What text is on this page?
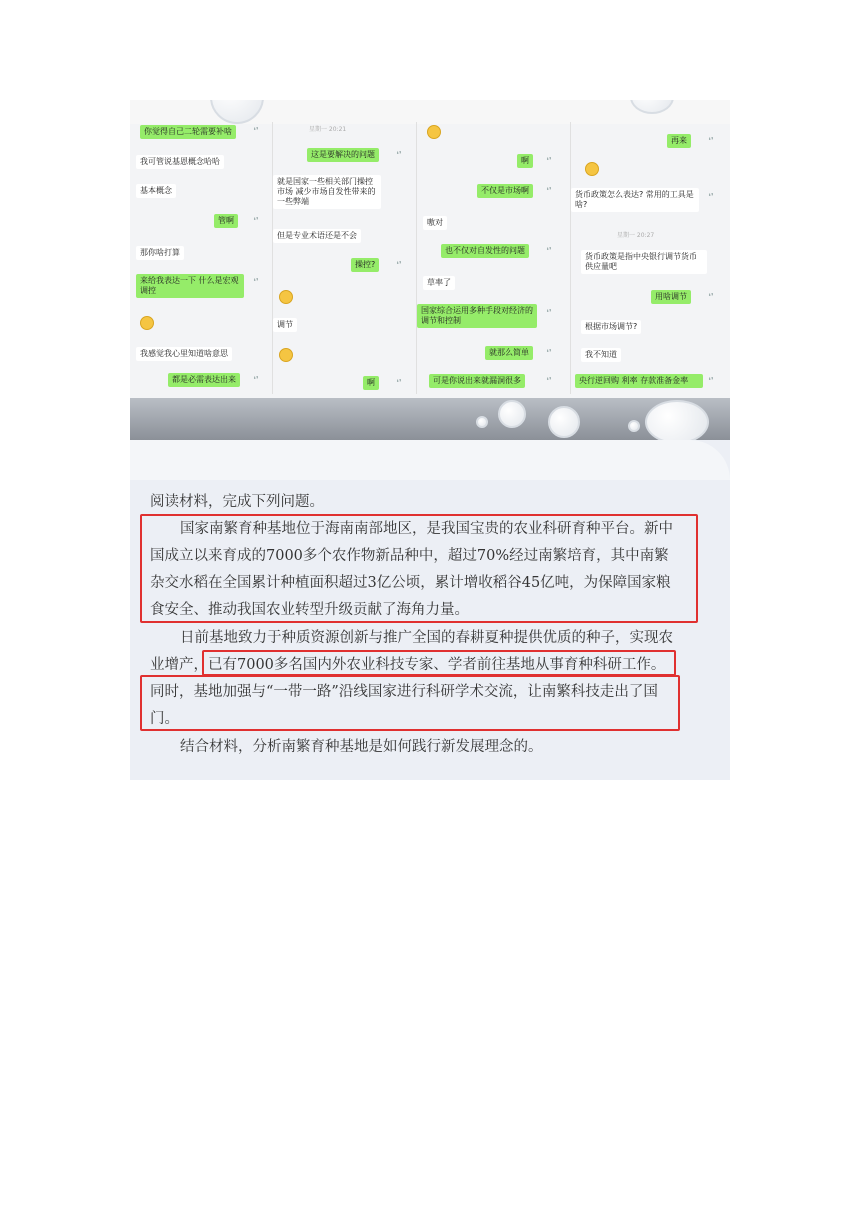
你觉得自己二轮需要补啥	❛❜
我可管说基恩概念哈哈
基本概念
管啊	❛❜
那你啥打算
来给我表达一下 什么是宏观调控
❛❜
我感觉我心里知道啥意思
都是必需表达出来	❛❜
星期一 20:21
这是要解决的问题	❛❜
就是国家一些相关部门操控市场 减少市场自发性带来的一些弊端
但是专业术语还是不会
操控?	❛❜
调节
啊	❛❜
啊	❛❜
不仅是市场啊	❛❜
嗷对
也不仅对自发性的问题	❛❜
草率了
国家综合运用多种手段对经济的调节和控制
❛❜
就那么简单	❛❜
可是你说出来就漏洞很多	❛❜
再来	❛❜
货币政策怎么表达? 常用的工具是啥?
❛❜
星期一 20:27
货币政策是指中央银行调节货币供应量吧
用啥调节	❛❜
根据市场调节?
我不知道
央行逆回购 利率 存款准备金率	❛❜
阅读材料，完成下列问题。
国家南繁育种基地位于海南南部地区，是我国宝贵的农业科研育种平台。新中
国成立以来育成的7000多个农作物新品种中，超过70%经过南繁培育，其中南繁
杂交水稻在全国累计种植面积超过3亿公顷，累计增收稻谷45亿吨，为保障国家粮
食安全、推动我国农业转型升级贡献了海角力量。
日前基地致力于种质资源创新与推广全国的春耕夏种提供优质的种子，实现农
业增产，已有7000多名国内外农业科技专家、学者前往基地从事育种科研工作。
同时，基地加强与“一带一路”沿线国家进行科研学术交流，让南繁科技走出了国
门。
结合材料，分析南繁育种基地是如何践行新发展理念的。
